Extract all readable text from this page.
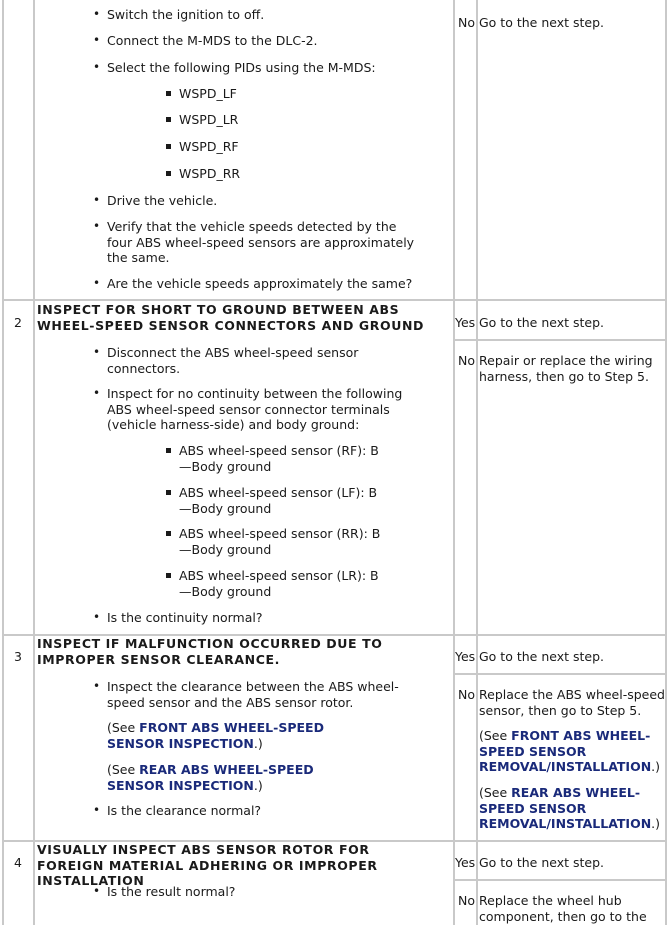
• Switch the ignition to off.

• Connect the M-MDS to the DLC-2.

• Select the following PIDs using the M-MDS:

WSPD_LF

WSPD_LR

WSPD_RF

WSPD_RR

• Drive the vehicle.

• Verify that the vehicle speeds detected by the four ABS wheel-speed sensors are approximately the same.

• Are the vehicle speeds approximately the same?

No Go to the next step.

2

INSPECT FOR SHORT TO GROUND BETWEEN ABS WHEEL-SPEED SENSOR CONNECTORS AND GROUND

• Disconnect the ABS wheel-speed sensor connectors.

• Inspect for no continuity between the following ABS wheel-speed sensor connector terminals (vehicle harness-side) and body ground:

ABS wheel-speed sensor (RF): B—Body ground

ABS wheel-speed sensor (LF): B —Body ground

ABS wheel-speed sensor (RR): B—Body ground

ABS wheel-speed sensor (LR): B—Body ground

• Is the continuity normal?

Yes Go to the next step.

No Repair or replace the wiring harness, then go to Step 5.

3

INSPECT IF MALFUNCTION OCCURRED DUE TO IMPROPER SENSOR CLEARANCE.

• Inspect the clearance between the ABS wheel-speed sensor and the ABS sensor rotor.

(See FRONT ABS WHEEL-SPEED SENSOR INSPECTION.)

(See REAR ABS WHEEL-SPEED SENSOR INSPECTION.)

• Is the clearance normal?

Yes Go to the next step.

No Replace the ABS wheel-speed sensor, then go to Step 5.

(See FRONT ABS WHEEL-SPEED SENSOR REMOVAL/INSTALLATION.)

(See REAR ABS WHEEL-SPEED SENSOR REMOVAL/INSTALLATION.)

4

VISUALLY INSPECT ABS SENSOR ROTOR FOR FOREIGN MATERIAL ADHERING OR IMPROPER INSTALLATION

• Is the result normal?

Yes Go to the next step.

No Replace the wheel hub component, then go to the
